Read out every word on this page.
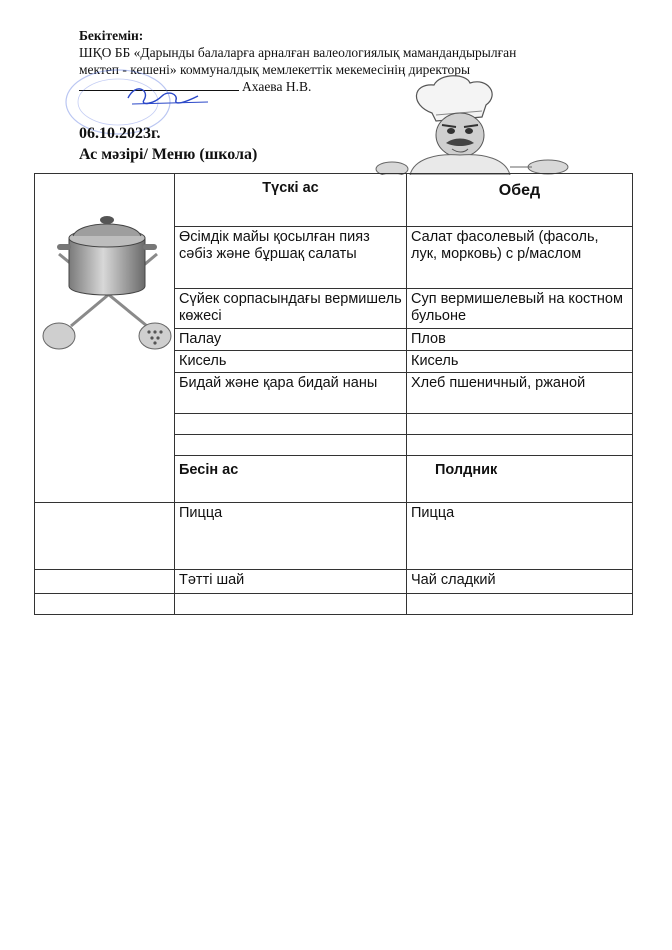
Бекітемін:
ШҚО ББ «Дарынды балаларға арналған валеологиялық мамандандырылған
мектеп - кешені» коммуналдық мемлекеттік мекемесінің директоры
Ахаева Н.В.
06.10.2023г.
Ас мәзірі/ Меню (школа)
	Түскі ас	Обед
	Өсімдік майы қосылған пияз сәбіз және бұршақ салаты	Салат фасолевый (фасоль, лук, морковь) с р/маслом
	Сүйек сорпасындағы вермишель көжесі	Суп вермишелевый на костном бульоне
	Палау	Плов
	Кисель	Кисель
	Бидай және қара бидай наны	Хлеб пшеничный, ржаной

	Бесін ас	Полдник
	Пицца	Пицца
	Тәтті шай	Чай сладкий
